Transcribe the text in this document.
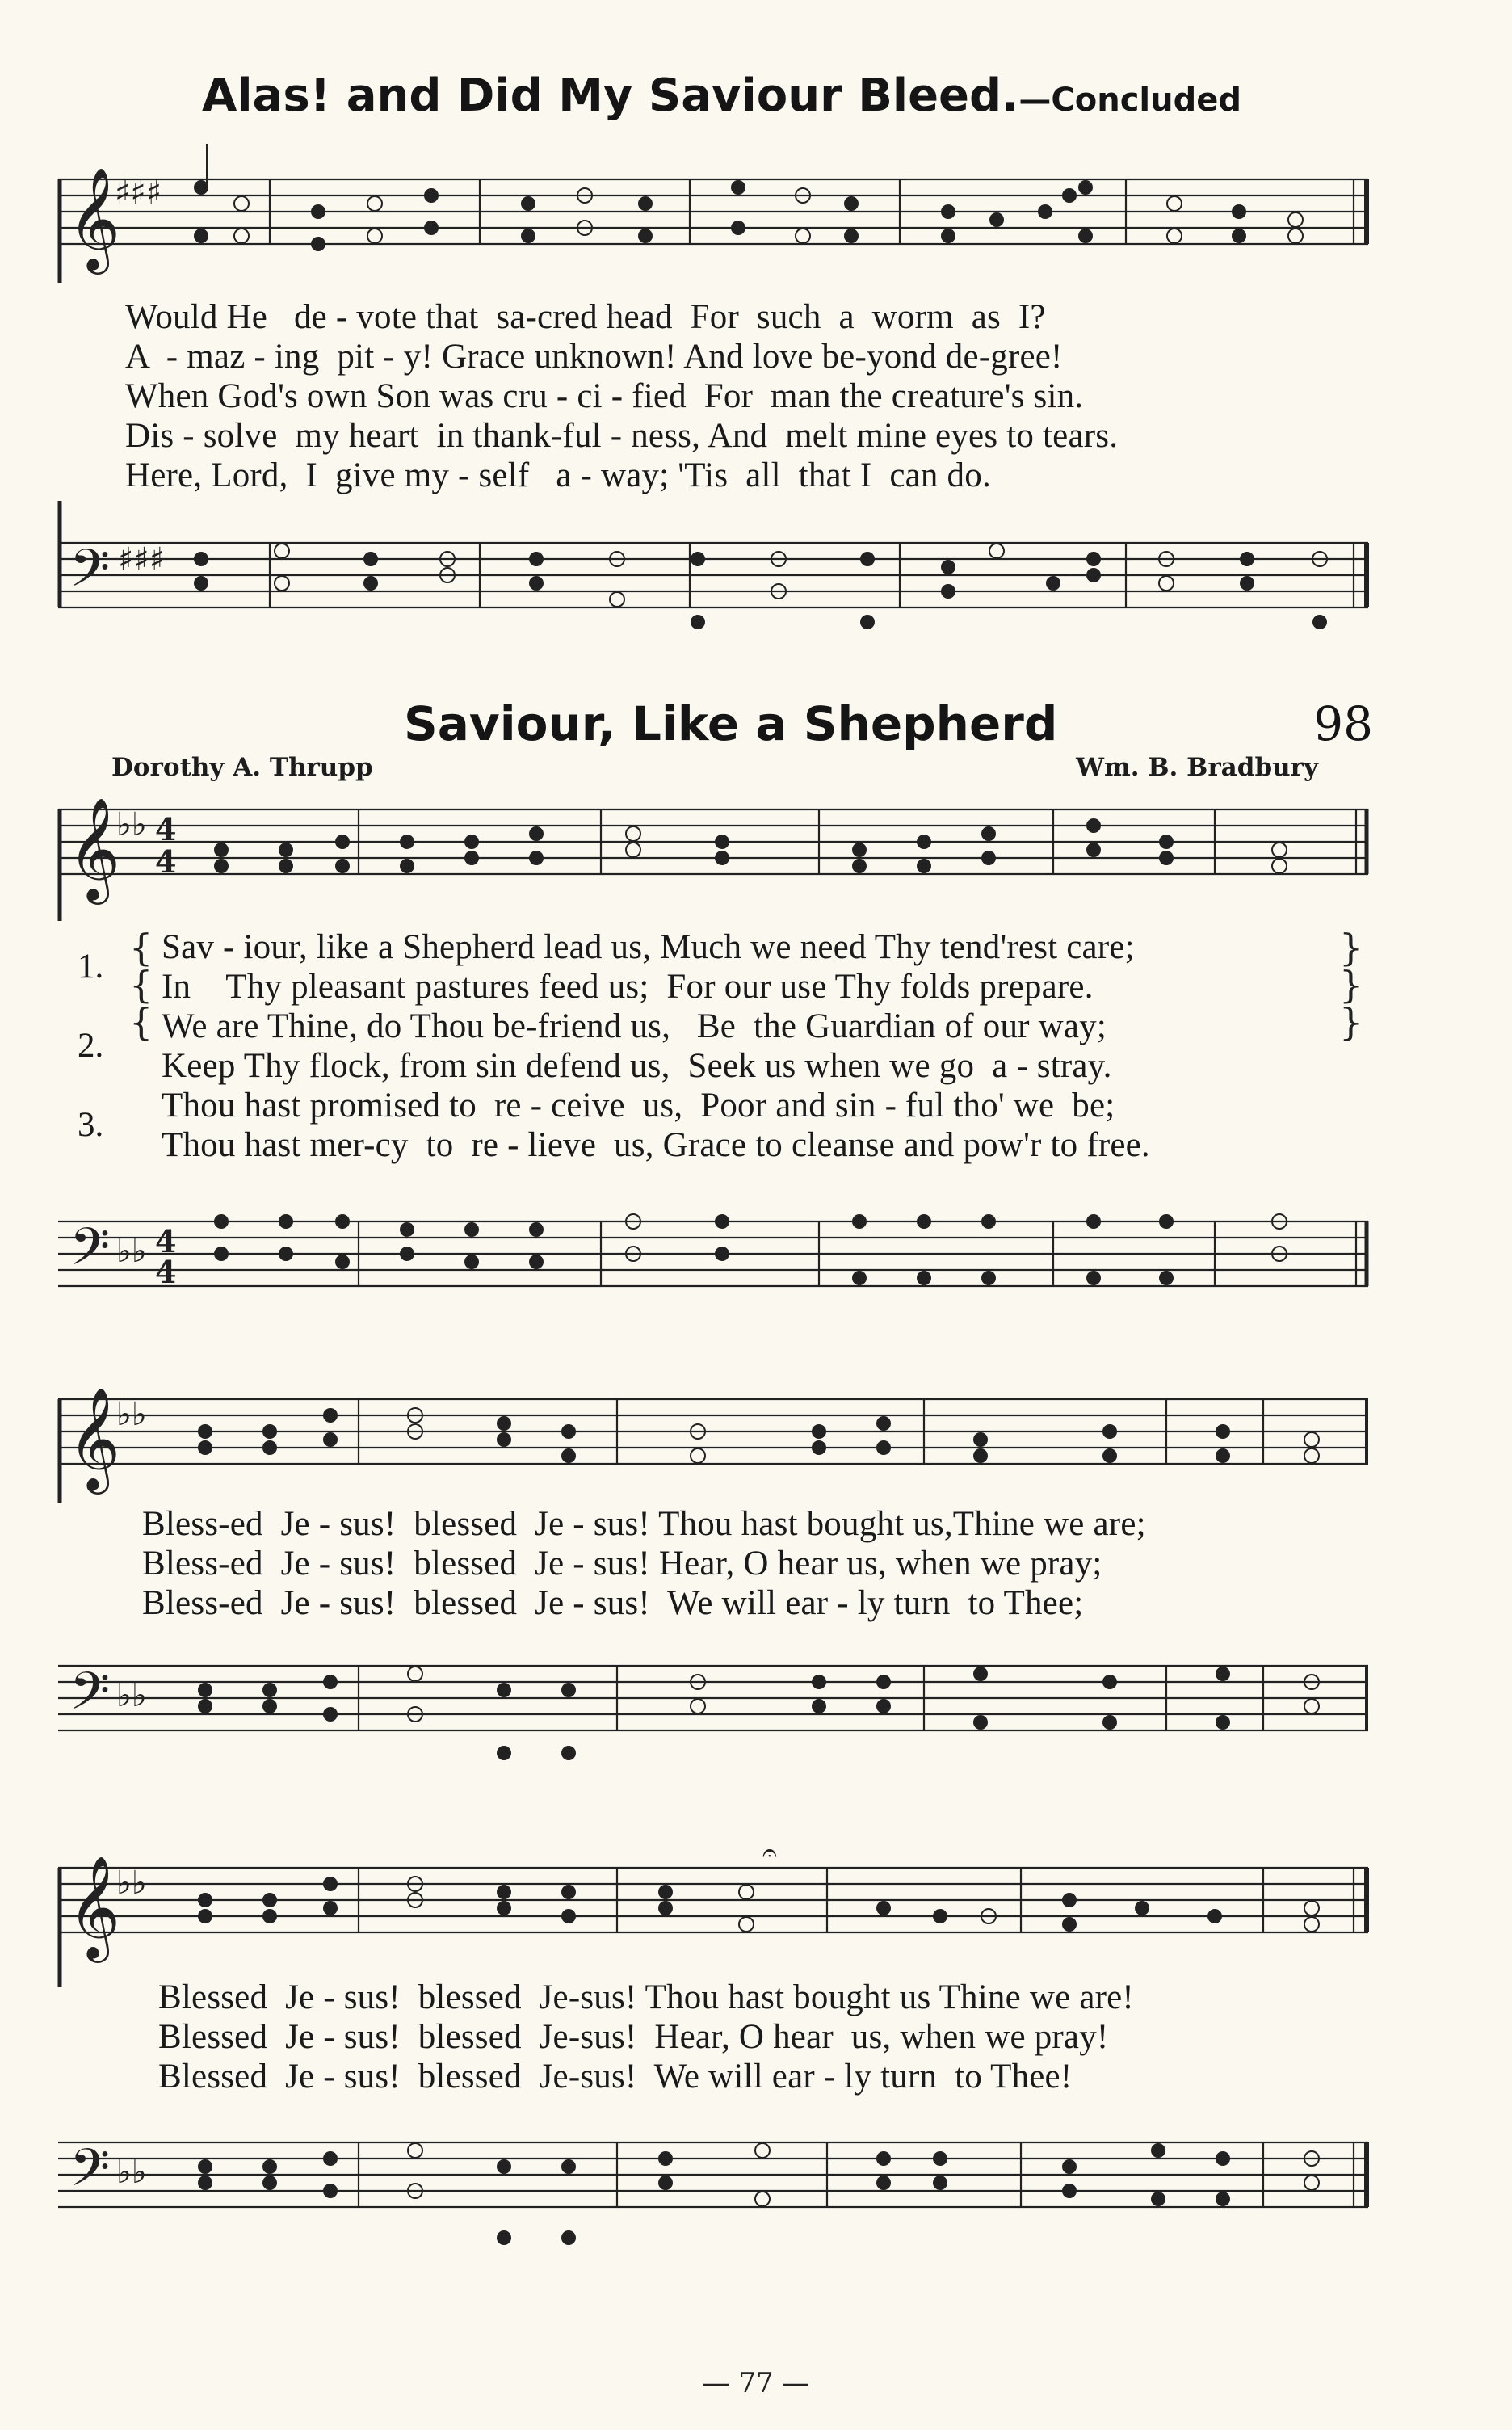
Alas! and Did My Saviour Bleed.—Concluded
𝄞
♯♯♯
Would He de - vote that sa-cred head For such a worm as I?
A - maz - ing pit - y! Grace unknown! And love be-yond de-gree!
When God's own Son was cru - ci - fied For man the creature's sin.
Dis - solve my heart in thank-ful - ness, And melt mine eyes to tears.
Here, Lord, I give my - self a - way; 'Tis all that I can do.
𝄢 ♯♯♯
Saviour, Like a Shepherd	98
Dorothy A. Thrupp	Wm. B. Bradbury
𝄞
♭♭ 4
4
1.
2.
3.
{
{
{
Sav - iour, like a Shepherd lead us, Much we need Thy tend'rest care;
In Thy pleasant pastures feed us; For our use Thy folds prepare.
We are Thine, do Thou be-friend us, Be the Guardian of our way;
Keep Thy flock, from sin defend us, Seek us when we go a - stray.
Thou hast promised to re - ceive us, Poor and sin - ful tho' we be;
Thou hast mer-cy to re - lieve us, Grace to cleanse and pow'r to free.
}
}
}
𝄢 ♭♭ 4
4
𝄞
♭♭
Bless-ed Je - sus! blessed Je - sus! Thou hast bought us,Thine we are;
Bless-ed Je - sus! blessed Je - sus! Hear, O hear us, when we pray;
Bless-ed Je - sus! blessed Je - sus! We will ear - ly turn to Thee;
𝄢 ♭♭
𝄞
♭♭
𝄐
Blessed Je - sus! blessed Je-sus! Thou hast bought us Thine we are!
Blessed Je - sus! blessed Je-sus! Hear, O hear us, when we pray!
Blessed Je - sus! blessed Je-sus! We will ear - ly turn to Thee!
𝄢 ♭♭
— 77 —
